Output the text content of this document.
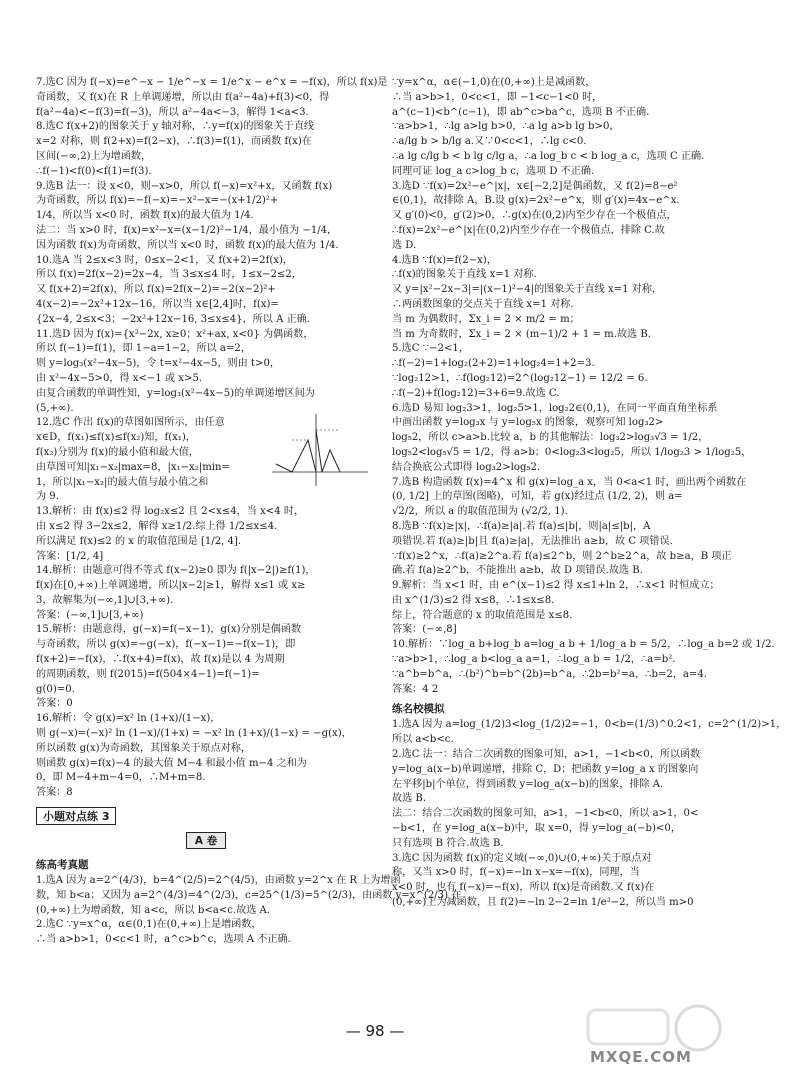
7.选C 因为 f(−x)=e^−x − 1/e^−x = 1/e^x − e^x = −f(x)，所以 f(x)是
奇函数，又 f(x)在 R 上单调递增，所以由 f(a²−4a)+f(3)<0，得
f(a²−4a)<−f(3)=f(−3)，所以 a²−4a<−3，解得 1<a<3.
8.选C f(x+2)的图象关于 y 轴对称，∴y=f(x)的图象关于直线
x=2 对称，则 f(2+x)=f(2−x)，∴f(3)=f(1)，而函数 f(x)在
区间(−∞,2)上为增函数，
∴f(−1)<f(0)<f(1)=f(3).
9.选B 法一：设 x<0，则−x>0，所以 f(−x)=x²+x，又函数 f(x)
为奇函数，所以 f(x)=−f(−x)=−x²−x=−(x+1/2)²+
1/4，所以当 x<0 时，函数 f(x)的最大值为 1/4.
法二：当 x>0 时，f(x)=x²−x=(x−1/2)²−1/4，最小值为 −1/4，
因为函数 f(x)为奇函数，所以当 x<0 时，函数 f(x)的最大值为 1/4.
10.选A 当 2≤x<3 时，0≤x−2<1，又 f(x+2)=2f(x)，
所以 f(x)=2f(x−2)=2x−4，当 3≤x≤4 时，1≤x−2≤2，
又 f(x+2)=2f(x)，所以 f(x)=2f(x−2)=−2(x−2)²+
4(x−2)=−2x²+12x−16，所以当 x∈[2,4]时，f(x)=
{2x−4, 2≤x<3；−2x²+12x−16, 3≤x≤4}，所以 A 正确.
11.选D 因为 f(x)={x²−2x, x≥0；x²+ax, x<0} 为偶函数，
所以 f(−1)=f(1)，即 1−a=1−2，所以 a=2，
则 y=log₃(x²−4x−5)，令 t=x²−4x−5，则由 t>0，
由 x²−4x−5>0，得 x<−1 或 x>5.
由复合函数的单调性知，y=log₃(x²−4x−5)的单调递增区间为
(5,+∞).
12.选C 作出 f(x)的草图如图所示，由任意
x∈D，f(x₁)≤f(x)≤f(x₂)知，f(x₁)，
f(x₂)分别为 f(x)的最小值和最大值，
由草图可知|x₁−x₂|max=8，|x₁−x₂|min=
1，所以|x₁−x₂|的最大值与最小值之和
为 9.
13.解析：由 f(x)≤2 得 log₂x≤2 且 2<x≤4，当 x<4 时，
由 x≤2 得 3−2x≤2，解得 x≥1/2.综上得 1/2≤x≤4.
所以满足 f(x)≤2 的 x 的取值范围是 [1/2, 4].
答案：[1/2, 4]
14.解析：由题意可得不等式 f(x−2)≥0 即为 f(|x−2|)≥f(1)，
f(x)在[0,+∞)上单调递增，所以|x−2|≥1，解得 x≤1 或 x≥
3，故解集为(−∞,1]∪[3,+∞).
答案：(−∞,1]∪[3,+∞)
15.解析：由题意得，g(−x)=f(−x−1)，g(x)分别是偶函数
与奇函数，所以 g(x)=−g(−x)，f(−x−1)=−f(x−1)，即
f(x+2)=−f(x)，∴f(x+4)=f(x)，故 f(x)是以 4 为周期
的周期函数，则 f(2015)=f(504×4−1)=f(−1)=
g(0)=0.
答案：0
16.解析：令 g(x)=x² ln (1+x)/(1−x)，
则 g(−x)=(−x)² ln (1−x)/(1+x) = −x² ln (1+x)/(1−x) = −g(x)，
所以函数 g(x)为奇函数，其图象关于原点对称，
则函数 g(x)=f(x)−4 的最大值 M−4 和最小值 m−4 之和为
0，即 M−4+m−4=0，∴M+m=8.
答案：8
小题对点练 3
A 卷
练高考真题
1.选A 因为 a=2^(4/3)，b=4^(2/5)=2^(4/5)，由函数 y=2^x 在 R 上为增函
数，知 b<a；又因为 a=2^(4/3)=4^(2/3)，c=25^(1/3)=5^(2/3)，由函数 y=x^(2/3) 在
(0,+∞)上为增函数，知 a<c，所以 b<a<c.故选 A.
2.选C ∵y=x^α，α∈(0,1)在(0,+∞)上是增函数，
∴当 a>b>1，0<c<1 时，a^c>b^c，选项 A 不正确.
∵y=x^α，α∈(−1,0)在(0,+∞)上是减函数，
∴当 a>b>1，0<c<1，即 −1<c−1<0 时，
a^(c−1)<b^(c−1)，即 ab^c>ba^c，选项 B 不正确.
∵a>b>1，∴lg a>lg b>0，∴a lg a>b lg b>0，
∴a/lg b > b/lg a.又∵0<c<1，∴lg c<0.
∴a lg c/lg b < b lg c/lg a，∴a log_b c < b log_a c，选项 C 正确.
同理可证 log_a c>log_b c，选项 D 不正确.
3.选D ∵f(x)=2x²−e^|x|，x∈[−2,2]是偶函数，又 f(2)=8−e²
∈(0,1)，故排除 A，B.设 g(x)=2x²−e^x，则 g′(x)=4x−e^x.
又 g′(0)<0，g′(2)>0，∴g(x)在(0,2)内至少存在一个极值点，
∴f(x)=2x²−e^|x|在(0,2)内至少存在一个极值点，排除 C.故
选 D.
4.选B ∵f(x)=f(2−x)，
∴f(x)的图象关于直线 x=1 对称.
又 y=|x²−2x−3|=|(x−1)²−4|的图象关于直线 x=1 对称，
∴两函数图象的交点关于直线 x=1 对称.
当 m 为偶数时，Σx_i = 2 × m/2 = m；
当 m 为奇数时，Σx_i = 2 × (m−1)/2 + 1 = m.故选 B.
5.选C ∵−2<1，
∴f(−2)=1+log₂(2+2)=1+log₂4=1+2=3.
∵log₂12>1，∴f(log₂12)=2^(log₂12−1) = 12/2 = 6.
∴f(−2)+f(log₂12)=3+6=9.故选 C.
6.选D 易知 log₂3>1，log₂5>1，log₂2∈(0,1)，在同一平面直角坐标系
中画出函数 y=log₃x 与 y=log₅x 的图象，观察可知 log₃2>
log₅2，所以 c>a>b.比较 a，b 的其他解法：log₃2>log₃√3 = 1/2，
log₅2<log₅√5 = 1/2，得 a>b；0<log₂3<log₂5，所以 1/log₂3 > 1/log₂5，
结合换底公式即得 log₃2>log₅2.
7.选B 构造函数 f(x)=4^x 和 g(x)=log_a x，当 0<a<1 时，画出两个函数在
(0, 1/2] 上的草图(图略)，可知，若 g(x)经过点 (1/2, 2)，则 a=
√2/2，所以 a 的取值范围为 (√2/2, 1).
8.选B ∵f(x)≥|x|，∴f(a)≥|a|.若 f(a)≤|b|，则|a|≤|b|，A
项错误.若 f(a)≥|b|且 f(a)≥|a|，无法推出 a≥b，故 C 项错误.
∵f(x)≥2^x，∴f(a)≥2^a.若 f(a)≤2^b，则 2^b≥2^a，故 b≥a，B 项正
确.若 f(a)≥2^b，不能推出 a≥b，故 D 项错误.故选 B.
9.解析：当 x<1 时，由 e^(x−1)≤2 得 x≤1+ln 2，∴x<1 时恒成立；
由 x^(1/3)≤2 得 x≤8，∴1≤x≤8.
综上，符合题意的 x 的取值范围是 x≤8.
答案：(−∞,8]
10.解析：∵log_a b+log_b a=log_a b + 1/log_a b = 5/2，∴log_a b=2 或 1/2.
∵a>b>1，∴log_a b<log_a a=1，∴log_a b = 1/2，∴a=b².
∵a^b=b^a，∴(b²)^b=b^(2b)=b^a，∴2b=b²=a，∴b=2，a=4.
答案：4 2
练名校模拟
1.选A 因为 a=log_(1/2)3<log_(1/2)2=−1，0<b=(1/3)^0.2<1，c=2^(1/2)>1，
所以 a<b<c.
2.选C 法一：结合二次函数的图象可知，a>1，−1<b<0，所以函数
y=log_a(x−b)单调递增，排除 C，D；把函数 y=log_a x 的图象向
左平移|b|个单位，得到函数 y=log_a(x−b)的图象，排除 A.
故选 B.
法二：结合二次函数的图象可知，a>1，−1<b<0，所以 a>1，0<
−b<1，在 y=log_a(x−b)中，取 x=0，得 y=log_a(−b)<0，
只有选项 B 符合.故选 B.
3.选C 因为函数 f(x)的定义域(−∞,0)∪(0,+∞)关于原点对
称，又当 x>0 时，f(−x)=−ln x−x=−f(x)，同理，当
x<0 时，也有 f(−x)=−f(x)，所以 f(x)是奇函数.又 f(x)在
(0,+∞)上为减函数，且 f(2)=−ln 2−2=ln 1/e²−2，所以当 m>0
— 98 —
MXQE.COM
